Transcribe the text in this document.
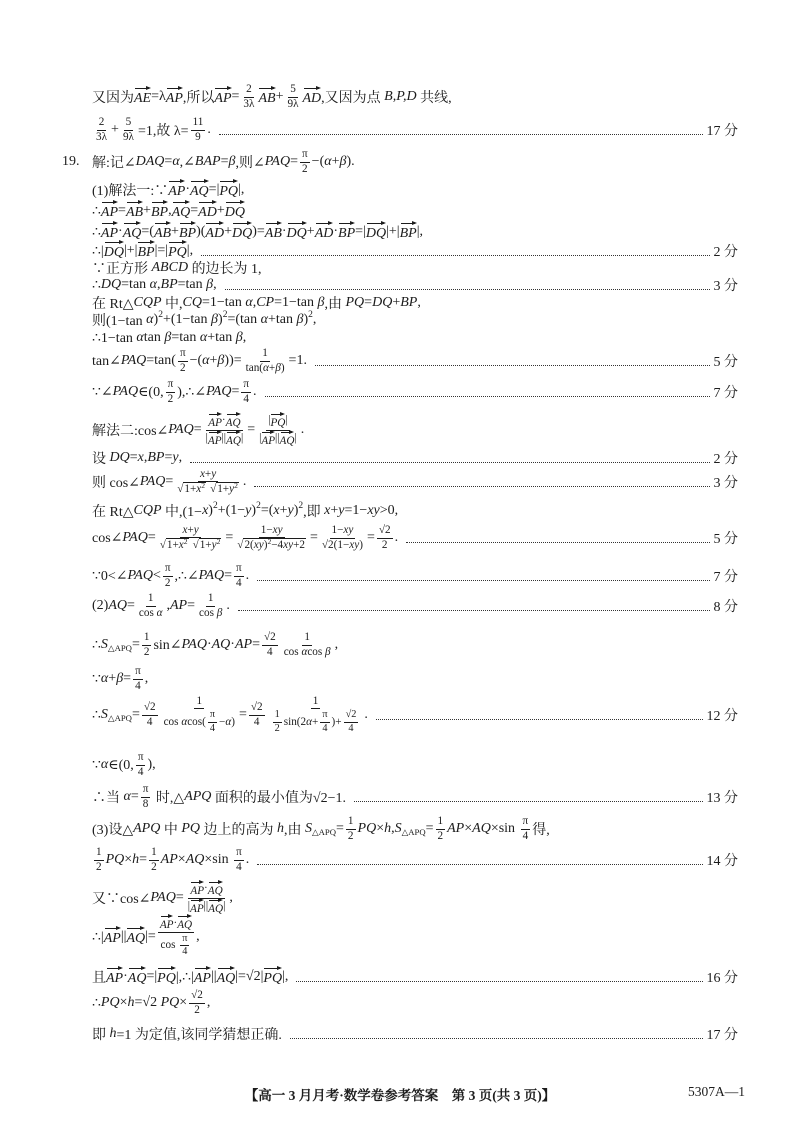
又因为 AE =λ AP ,所以 AP = $\frac{2}{3\lambda}$ AB + $\frac{5}{9\lambda}$ AD ,又因为点 B,P,D 共线,
$\frac{2}{3\lambda} + \frac{5}{9\lambda} =1$,故 $\lambda= \frac{11}{9}$ .	17 分
19. 解:记∠ DAQ = α ,∠ BAP = β ,则∠ PAQ = $\frac{\pi}{2}$ −( α + β ).
(1)解法一:∵ AP · AQ =| PQ |,
∴ AP = AB + BP , AQ = AD + DQ
∴ AP · AQ =( AB + BP )( AD + DQ )= AB · DQ + AD · BP =| DQ |+| BP |,
∴| DQ |+| BP |=| PQ |,	2 分
∵正方形 ABCD 的边长为 1,
∴ DQ =tan α , BP =tan β ,	3 分
在 Rt△ CQP 中, CQ =1−tan α , CP =1−tan β ,由 PQ = DQ + BP ,
则(1−tan α ) 2 +(1−tan β ) 2 =(tan α +tan β ) 2 ,
∴1−tan α tan β =tan α +tan β ,
tan∠ PAQ $=\tan( \frac{\pi}{2}$ −( α + β ))= $\frac{1}{\tan( \alpha + \beta )} =1$.	5 分
∵∠ PAQ ∈(0, $\frac{\pi}{2}$ ),∴∠ PAQ = $\frac{\pi}{4}$ .	7 分
解法二:cos∠ PAQ = $\frac{AP \cdot AQ}{| AP || AQ |} = \frac{| PQ |}{| AP || AQ |}$ .
设 DQ = x , BP = y ,	2 分
则 cos∠ PAQ = x + y
√ 1+ x 2 √ 1+ y 2 .	3 分
在 Rt△ CQP 中,(1− x ) 2 +(1− y ) 2 =( x + y ) 2 ,即 x + y =1− xy >0,
cos∠ PAQ = x + y
√ 1+ x 2 √ 1+ y 2 = 1− xy
√ 2( xy ) 2 −4 xy $+2 = \frac{1- xy}{√2(1- xy )} = \frac{√2}{2}$ .	5 分
∵0<∠ PAQ < $\frac{\pi}{2}$ ,∴∠ PAQ = $\frac{\pi}{4}$ .	7 分
(2) AQ = $\frac{1}{\text{cos α}}$ , AP = $\frac{1}{\text{cos β}}$ .	8 分
∴ S △APQ = $\frac{1}{2}$ sin∠ PAQ · AQ · AP = $\frac{√2}{4} \frac{1}{\text{cos α cos β}}$ ,
∵ $\alpha + \beta = \frac{\pi}{4}$ ,
∴ S △APQ = $\frac{√2}{4} \frac{1}{\cos \alpha \cos( \frac{\pi}{4} - \alpha )} = \frac{√2}{4} \frac{1}{\frac{1}{2} \sin(2 \alpha + \frac{\pi}{4} )+ \frac{√2}{4}}$ .	12 分
∵ α ∈(0, $\frac{\pi}{4}$ ),
∴当 $\alpha = \frac{\pi}{8}$ 时,△ APQ 面积的最小值为√2−1.	13 分
(3)设△ APQ 中 PQ 边上的高为 h ,由 S △APQ = $\frac{1}{2}$ PQ × h , S △APQ = $\frac{1}{2}$ AP × AQ $\times\sin \frac{\pi}{4}$ 得,
$\frac{1}{2}$ PQ × $h = \frac{1}{2}$ AP × AQ $\times\sin \frac{\pi}{4}$ .	14 分
又∵cos∠ PAQ = $\frac{AP \cdot AQ}{| AP || AQ |}$ ,
∴| AP || AQ |= $\frac{AP \cdot AQ}{\cos \frac{\pi}{4}}$ ,
且 AP · AQ =| PQ |,∴| AP || AQ |=√2| PQ |,	16 分
∴ PQ × h =√2 PQ × $\frac{√2}{2}$ ,
即 h =1 为定值,该同学猜想正确.	17 分
【高一 3 月月考·数学卷参考答案　第 3 页(共 3 页)】	5307A—1
